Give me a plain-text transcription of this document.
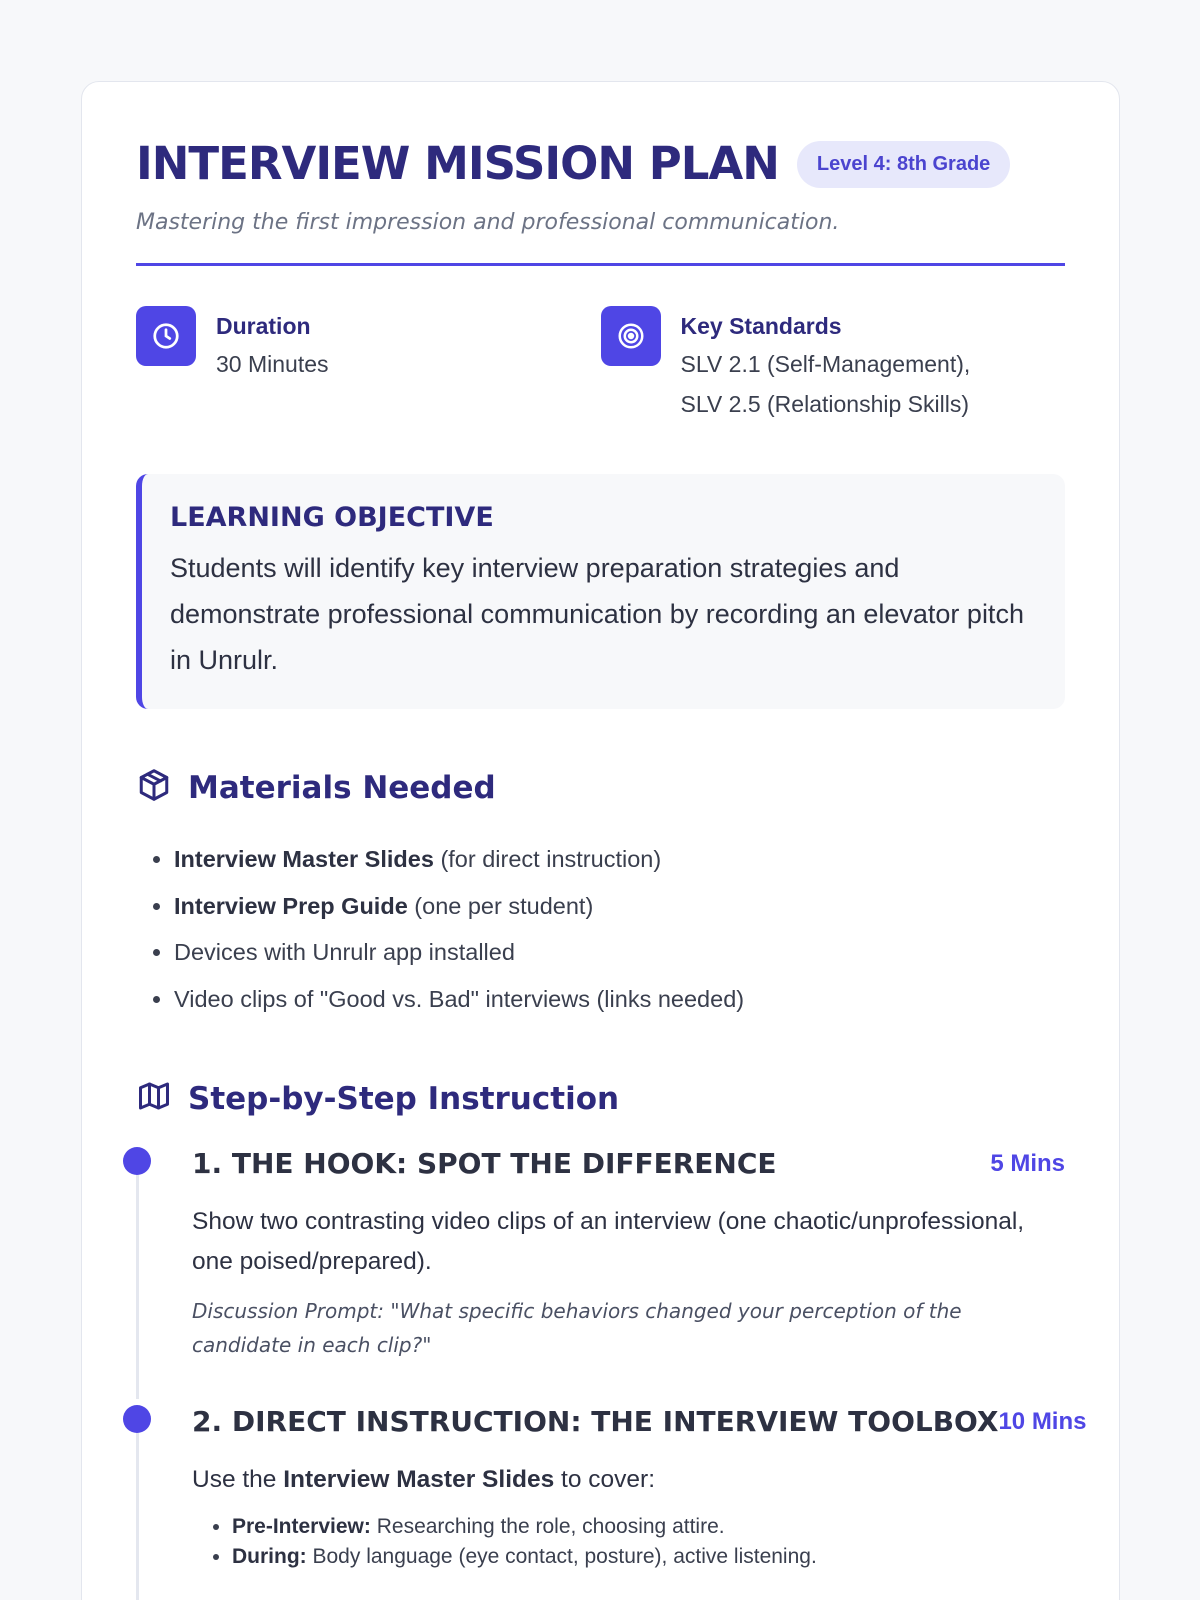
INTERVIEW MISSION PLAN	Level 4: 8th Grade

Mastering the first impression and professional communication.

Duration
30 Minutes
Key Standards
SLV 2.1 (Self-Management),
SLV 2.5 (Relationship Skills)
LEARNING OBJECTIVE

Students will identify key interview preparation strategies and demonstrate professional communication by recording an elevator pitch in Unrulr.

Materials Needed
• Interview Master Slides (for direct instruction)
• Interview Prep Guide (one per student)
• Devices with Unrulr app installed
• Video clips of "Good vs. Bad" interviews (links needed)
Step-by-Step Instruction
1. THE HOOK: SPOT THE DIFFERENCE	5 Mins

Show two contrasting video clips of an interview (one chaotic/unprofessional, one poised/prepared).

Discussion Prompt: "What specific behaviors changed your perception of the candidate in each clip?"

2. DIRECT INSTRUCTION: THE INTERVIEW TOOLBOX 10 Mins

Use the Interview Master Slides to cover:

• Pre-Interview: Researching the role, choosing attire.
• During: Body language (eye contact, posture), active listening.
